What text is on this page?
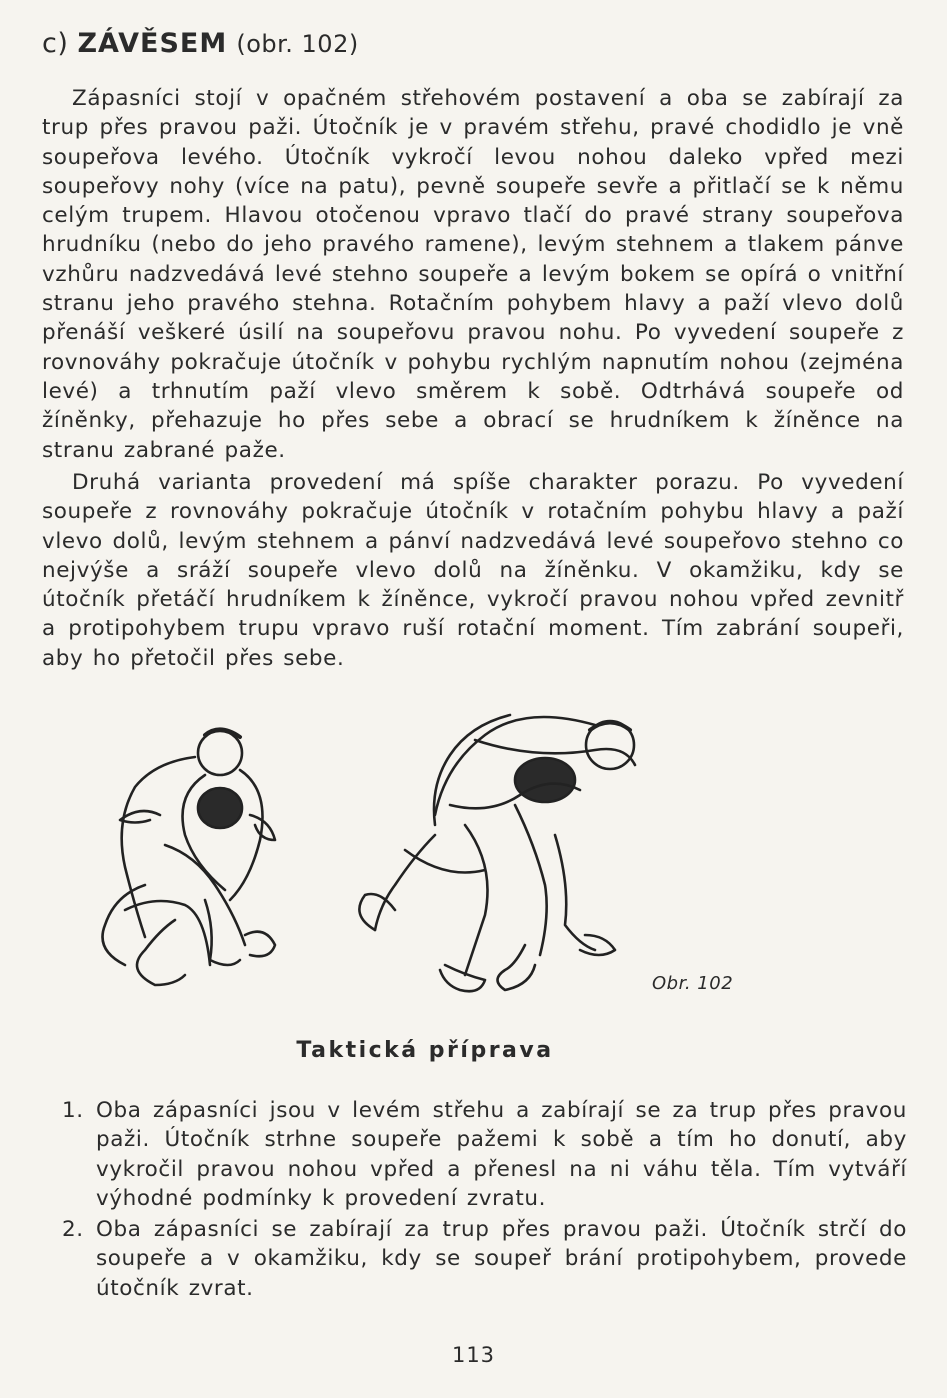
c) ZÁVĚSEM (obr. 102)

Zápasníci stojí v opačném střehovém postavení a oba se zabírají za trup přes pravou paži. Útočník je v pravém střehu, pravé chodidlo je vně soupeřova levého. Útočník vykročí levou nohou daleko vpřed mezi soupeřovy nohy (více na patu), pevně soupeře sevře a přitlačí se k němu celým trupem. Hlavou otočenou vpravo tlačí do pravé strany soupeřova hrudníku (nebo do jeho pravého ramene), levým stehnem a tlakem pánve vzhůru nadzvedává levé stehno soupeře a levým bokem se opírá o vnitřní stranu jeho pravého stehna. Rotačním pohybem hlavy a paží vlevo dolů přenáší veškeré úsilí na soupeřovu pravou nohu. Po vyvedení soupeře z rovnováhy pokračuje útočník v pohybu rychlým napnutím nohou (zejména levé) a trhnutím paží vlevo směrem k sobě. Odtrhává soupeře od žíněnky, přehazuje ho přes sebe a obrací se hrudníkem k žíněnce na stranu zabrané paže.

Druhá varianta provedení má spíše charakter porazu. Po vyvedení soupeře z rovnováhy pokračuje útočník v rotačním pohybu hlavy a paží vlevo dolů, levým stehnem a pánví nadzvedává levé soupeřovo stehno co nejvýše a sráží soupeře vlevo dolů na žíněnku. V okamžiku, kdy se útočník přetáčí hrudníkem k žíněnce, vykročí pravou nohou vpřed zevnitř a protipohybem trupu vpravo ruší rotační moment. Tím zabrání soupeři, aby ho přetočil přes sebe.

Obr. 102
Taktická příprava
1. Oba zápasníci jsou v levém střehu a zabírají se za trup přes pravou paži. Útočník strhne soupeře pažemi k sobě a tím ho donutí, aby vykročil pravou nohou vpřed a přenesl na ni váhu těla. Tím vytváří výhodné podmínky k provedení zvratu.
2. Oba zápasníci se zabírají za trup přes pravou paži. Útočník strčí do soupeře a v okamžiku, kdy se soupeř brání protipohybem, provede útočník zvrat.
113
